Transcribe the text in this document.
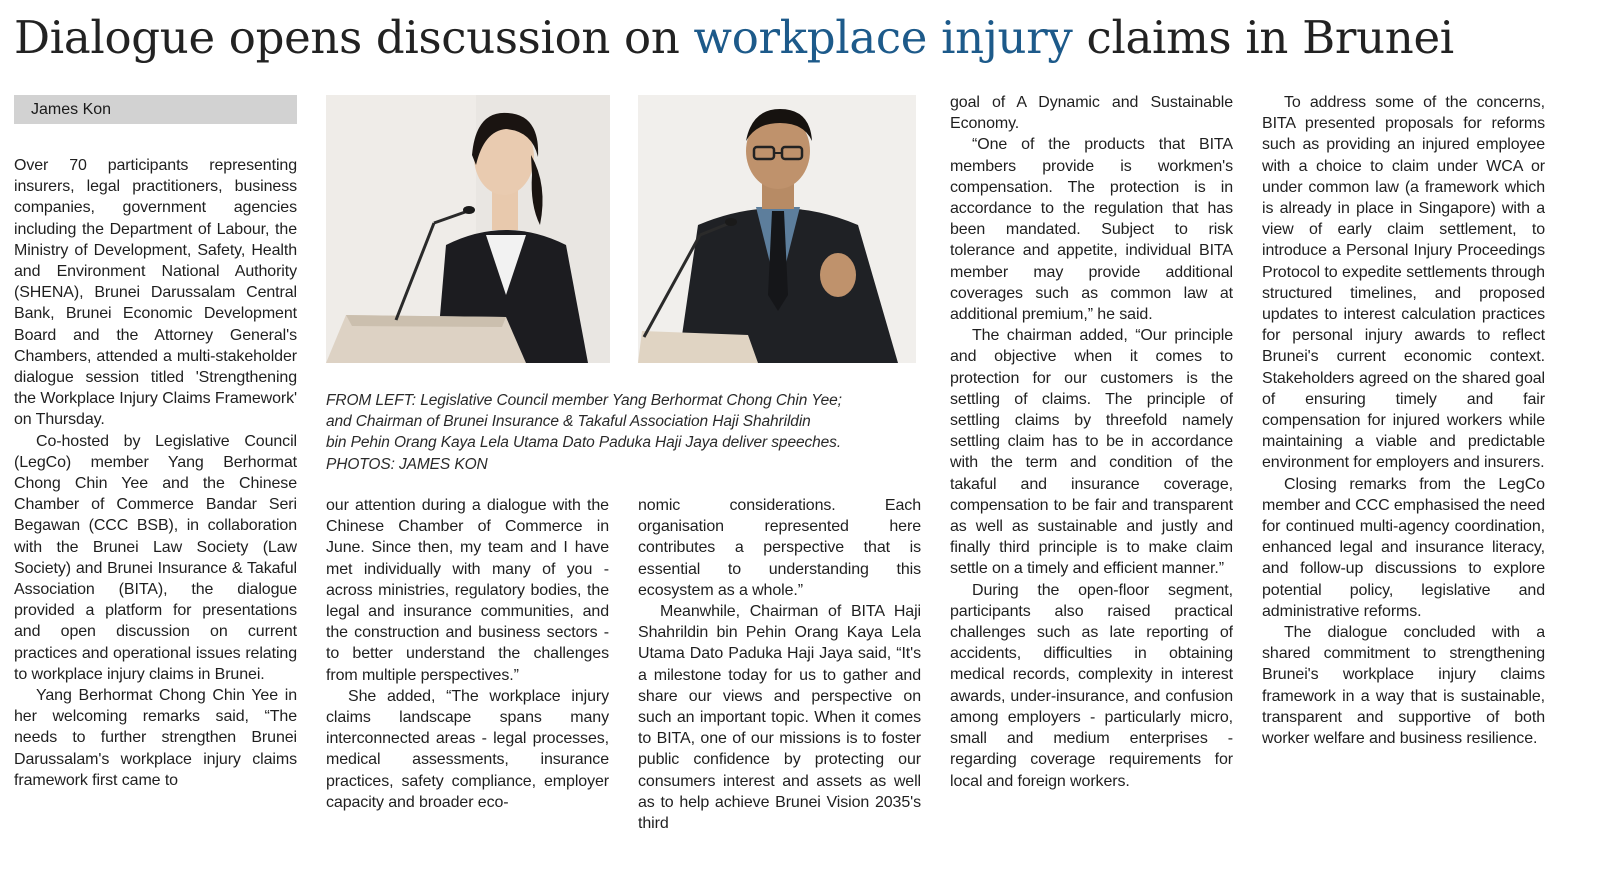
Dialogue opens discussion on workplace injury claims in Brunei
James Kon

Over 70 participants representing insurers, legal practitioners, business companies, government agencies including the Department of Labour, the Ministry of Development, Safety, Health and Environment National Authority (SHENA), Brunei Darussalam Central Bank, Brunei Economic Development Board and the Attorney General's Chambers, attended a multi-stakeholder dialogue session titled 'Strengthening the Workplace Injury Claims Framework' on Thursday.

Co-hosted by Legislative Council (LegCo) member Yang Berhormat Chong Chin Yee and the Chinese Chamber of Commerce Bandar Seri Begawan (CCC BSB), in collaboration with the Brunei Law Society (Law Society) and Brunei Insurance & Takaful Association (BITA), the dialogue provided a platform for presentations and open discussion on current practices and operational issues relating to workplace injury claims in Brunei.

Yang Berhormat Chong Chin Yee in her welcoming remarks said, “The needs to further strengthen Brunei Darussalam's workplace injury claims framework first came to

FROM LEFT: Legislative Council member Yang Berhormat Chong Chin Yee;
and Chairman of Brunei Insurance & Takaful Association Haji Shahrildin
bin Pehin Orang Kaya Lela Utama Dato Paduka Haji Jaya deliver speeches.
PHOTOS: JAMES KON

our attention during a dialogue with the Chinese Chamber of Commerce in June. Since then, my team and I have met individually with many of you - across ministries, regulatory bodies, the legal and insurance communities, and the construction and business sectors - to better understand the challenges from multiple perspectives.”

She added, “The workplace injury claims landscape spans many interconnected areas - legal processes, medical assessments, insurance practices, safety compliance, employer capacity and broader eco-

nomic considerations. Each organisation represented here contributes a perspective that is essential to understanding this ecosystem as a whole.”

Meanwhile, Chairman of BITA Haji Shahrildin bin Pehin Orang Kaya Lela Utama Dato Paduka Haji Jaya said, “It's a milestone today for us to gather and share our views and perspective on such an important topic. When it comes to BITA, one of our missions is to foster public confidence by protecting our consumers interest and assets as well as to help achieve Brunei Vision 2035's third

goal of A Dynamic and Sustainable Economy.

“One of the products that BITA members provide is workmen's compensation. The protection is in accordance to the regulation that has been mandated. Subject to risk tolerance and appetite, individual BITA member may provide additional coverages such as common law at additional premium,” he said.

The chairman added, “Our principle and objective when it comes to protection for our customers is the settling of claims. The principle of settling claims by threefold namely settling claim has to be in accordance with the term and condition of the takaful and insurance coverage, compensation to be fair and transparent as well as sustainable and justly and finally third principle is to make claim settle on a timely and efficient manner.”

During the open-floor segment, participants also raised practical challenges such as late reporting of accidents, difficulties in obtaining medical records, complexity in interest awards, under-insurance, and confusion among employers - particularly micro, small and medium enterprises - regarding coverage requirements for local and foreign workers.

To address some of the concerns, BITA presented proposals for reforms such as providing an injured employee with a choice to claim under WCA or under common law (a framework which is already in place in Singapore) with a view of early claim settlement, to introduce a Personal Injury Proceedings Protocol to expedite settlements through structured timelines, and proposed updates to interest calculation practices for personal injury awards to reflect Brunei's current economic context. Stakeholders agreed on the shared goal of ensuring timely and fair compensation for injured workers while maintaining a viable and predictable environment for employers and insurers.

Closing remarks from the LegCo member and CCC emphasised the need for continued multi-agency coordination, enhanced legal and insurance literacy, and follow-up discussions to explore potential policy, legislative and administrative reforms.

The dialogue concluded with a shared commitment to strengthening Brunei's workplace injury claims framework in a way that is sustainable, transparent and supportive of both worker welfare and business resilience.
